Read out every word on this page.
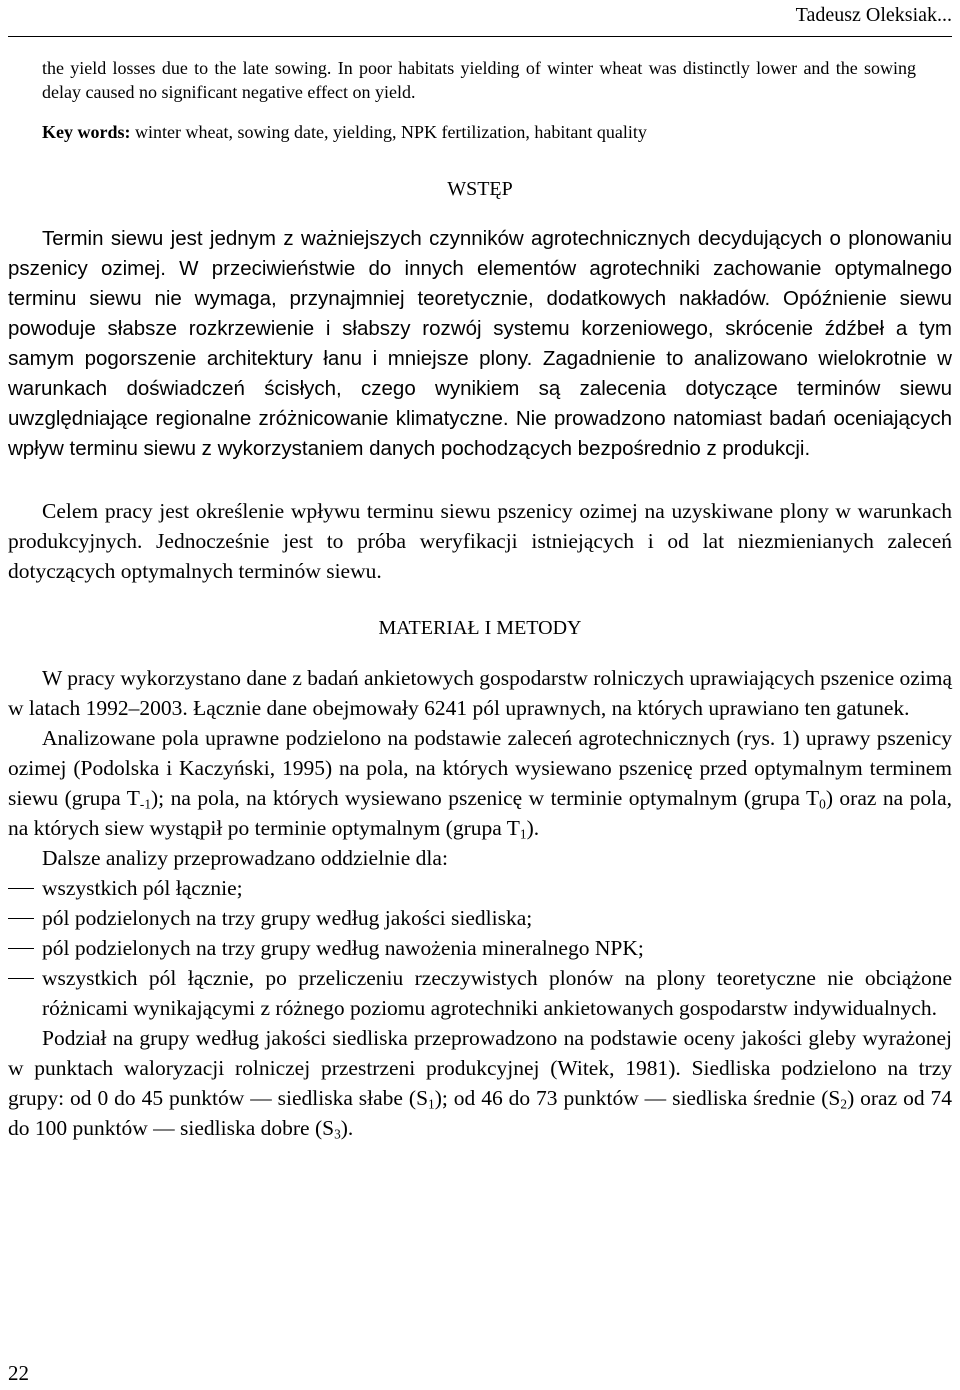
Tadeusz Oleksiak...

the yield losses due to the late sowing. In poor habitats yielding of winter wheat was distinctly lower and the sowing delay caused no significant negative effect on yield.

Key words: winter wheat, sowing date, yielding, NPK fertilization, habitant quality
WSTĘP

Termin siewu jest jednym z ważniejszych czynników agrotechnicznych decydujących o plonowaniu pszenicy ozimej. W przeciwieństwie do innych elementów agrotechniki zachowanie optymalnego terminu siewu nie wymaga, przynajmniej teoretycznie, dodatkowych nakładów. Opóźnienie siewu powoduje słabsze rozkrzewienie i słabszy rozwój systemu korzeniowego, skrócenie źdźbeł a tym samym pogorszenie architektury łanu i mniejsze plony. Zagadnienie to analizowano wielokrotnie w warunkach doświadczeń ścisłych, czego wynikiem są zalecenia dotyczące terminów siewu uwzględniające regionalne zróżnicowanie klimatyczne. Nie prowadzono natomiast badań oceniających wpływ terminu siewu z wykorzystaniem danych pochodzących bezpośrednio z produkcji.

Celem pracy jest określenie wpływu terminu siewu pszenicy ozimej na uzyskiwane plony w warunkach produkcyjnych. Jednocześnie jest to próba weryfikacji istniejących i od lat niezmienianych zaleceń dotyczących optymalnych terminów siewu.

MATERIAŁ I METODY

W pracy wykorzystano dane z badań ankietowych gospodarstw rolniczych uprawiających pszenice ozimą w latach 1992–2003. Łącznie dane obejmowały 6241 pól uprawnych, na których uprawiano ten gatunek.

Analizowane pola uprawne podzielono na podstawie zaleceń agrotechnicznych (rys. 1) uprawy pszenicy ozimej (Podolska i Kaczyński, 1995) na pola, na których wysiewano pszenicę przed optymalnym terminem siewu (grupa $T_{-1}$); na pola, na których wysiewano pszenicę w terminie optymalnym (grupa $T_0$) oraz na pola, na których siew wystąpił po terminie optymalnym (grupa $T_1$).

Dalsze analizy przeprowadzano oddzielnie dla:

wszystkich pól łącznie;

pól podzielonych na trzy grupy według jakości siedliska;

pól podzielonych na trzy grupy według nawożenia mineralnego NPK;

wszystkich pól łącznie, po przeliczeniu rzeczywistych plonów na plony teoretyczne nie obciążone różnicami wynikającymi z różnego poziomu agrotechniki ankietowanych gospodarstw indywidualnych.

Podział na grupy według jakości siedliska przeprowadzono na podstawie oceny jakości gleby wyrażonej w punktach waloryzacji rolniczej przestrzeni produkcyjnej (Witek, 1981). Siedliska podzielono na trzy grupy: od 0 do 45 punktów — siedliska słabe $(S_1)$; od 46 do 73 punktów — siedliska średnie $(S_2)$ oraz od 74 do 100 punktów — siedliska dobre $(S_3)$.

22
